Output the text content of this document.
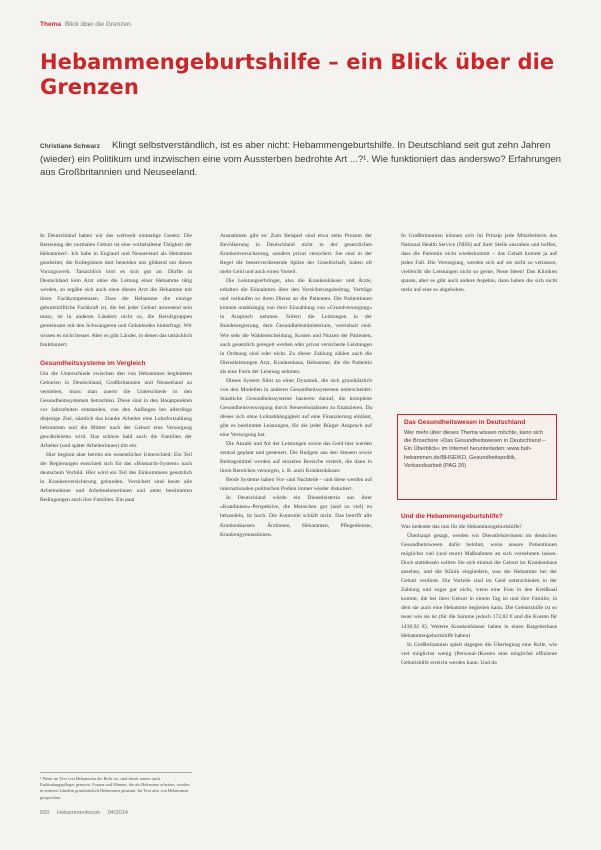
Thema Blick über die Grenzen
Hebammengeburtshilfe – ein Blick über die Grenzen
Christiane Schwarz Klingt selbstverständlich, ist es aber nicht: Hebammengeburtshilfe. In Deutschland seit gut zehn Jahren (wieder) ein Politikum und inzwischen eine vom Aussterben bedrohte Art ...?¹. Wie funktioniert das anderswo? Erfahrungen aus Großbritannien und Neuseeland.

In Deutschland haben wir das weltweit einmalige Gesetz: Die Betreuung der normalen Geburt ist eine vorbehaltene Tätigkeit der Hebammen¹. Ich habe in England und Neuseeland als Hebamme gearbeitet, die Kolleginnen dort beneiden uns glühend um dieses Vorzugswerk. Tatsächlich hört es sich gut an: Dürfte in Deutschland kein Arzt ohne die Leitung einer Hebamme tätig werden, so ergäbe sich auch ohne diesen Arzt die Hebamme mit ihren Fachkompetenzen. Dass die Hebamme die einzige geburtshilfliche Fachkraft ist, die bei jeder Geburt anwesend sein muss, ist in anderen Ländern nicht so, die Berufsgruppen gemeinsam mit den Schwangeren und Gebärenden hinterfragt. Wir wissen es nicht besser. Aber es gibt Länder, in denen das tatsächlich funktioniert.

Gesundheitssysteme im Vergleich

Um die Unterschiede zwischen den von Hebammen begleiteten Geburten in Deutschland, Großbritannien und Neuseeland zu verstehen, muss man zuerst die Unterschiede in den Gesundheitssystemen betrachten. Diese sind in den Hauptpunkten vor Jahrzehnten entstanden, von den Anfängen her allerdings diejenige Ziel, nämlich das kranke Arbeiter eine Lohnfortzahlung bekommen und die Mütter nach der Geburt eine Versorgung gewährleisten wird. Das schloss bald auch die Familien der Arbeiter (und später Arbeiterinnen) mit ein.

Hier beginnt aber bereits ein wesentlicher Unterschied: Ein Teil der Regierungen entschied sich für das »Bismarck-System« nach deutschem Vorbild. Hier wird ein Teil des Einkommens gesetzlich in Krankenversicherung gebunden. Versichert sind heute alle Arbeitnehmer und Arbeitnehmerinnen und unter bestimmten Bedingungen auch ihre Familien. Ein paar

¹ Wenn im Text von Hebammen die Rede ist, sind damit immer auch Entbindungspfleger gemeint. Frauen und Männer, die als Hebamme arbeiten, werden in anderen Ländern grundsätzlich Hebammen genannt. Im Text also von Hebammen gesprochen.

Ausnahmen gibt es: Zum Beispiel sind etwa zehn Prozent der Bevölkerung in Deutschland nicht in der gesetzlichen Krankenversicherung, sondern privat versichert. Sie sind in der Regel die besserverdienende Spitze der Gesellschaft, haben oft mehr Geld und auch einen Vorteil.

Die Leistungserbringer, also die Krankenhäuser und Ärzte, erhalten die Einnahmen über den Versicherungsbeitrag, Verträge und verkaufen so ihren Dienst an die Patienten. Die Patientinnen können unabhängig von ihrer Einzahlung von »Grundversorgung« in Anspruch nehmen. Sofern die Leistungen in der Bundesregierung, dem Gesundheitsministerium, vereinbart sind. Wie sehr die Wahlentscheidung, Kosten und Nutzen der Patienten, auch gesetzlich geregelt werden oder privat versicherte Leistungen in Ordnung sind oder nicht. Zu dieser Zahlung zählen auch die Dienstleistungen Arzt, Krankenhaus, Hebamme, die die Patientin als eine Form der Leistung nehmen.

Dieses System führt zu einer Dynamik, die sich grundsätzlich von den Modellen in anderen Gesundheitssystemen unterscheidet: Staatliche Gesundheitssysteme basieren darauf, die komplette Gesundheitsversorgung durch Steuereinnahmen zu finanzieren. Da dieses sich ohne Lohnabhängigkeit auf eine Finanzierung einlässt, gibt es bestimmte Leistungen, für die jeder Bürger Anspruch auf eine Versorgung hat.

Die Anzahl und Art der Leistungen sowie das Geld hier werden zentral geplant und gesteuert. Die Budgets aus den Steuern sowie Beitragsmittel werden auf einzelne Bereiche verteilt, die dann in ihren Bereichen versorgen, z. B. auch Krankenhäuser.

Beide Systeme haben Vor- und Nachteile – und diese werden auf internationalen politischen Podien immer wieder diskutiert.

In Deutschland würde ein Dienstleisterin aus ihrer »Kundinnen«-Perspektive, die Menschen gut (und zu viel) zu behandeln, ist hoch. Die Kontrolle schläft nicht. Das betrifft alle Krankenkassen: Ärztinnen, Hebammen, Pflegedienste, Krankengymnastinnen.

In Großbritannien können sich im Prinzip jede Mitarbeiterin des National Health Service (NHS) auf ihrer Stelle ausruhen und hoffen, dass die Patientin nicht wiederkommt – das Gehalt kommt ja auf jeden Fall. Die Versorgung, werden sich auf sie nicht so verlassen, vielleicht die Leistungen nicht so gerne, Neue Ideen! Das Kliniken sparen, aber es gibt auch andere Aspekte, dann haben die sich nicht mehr auf eine so abgehoben.

Das Gesundheitswesen in Deutschland
Wer mehr über dieses Thema wissen möchte, kann sich die Broschüre »Das Gesundheitswesen in Deutschland – Ein Überblick« im Internet herunterladen: www.bah-hebammen.de/BHSE/KD, Gesundheitspolitik, Verbandsarbeit (PAG 20)
Und die Hebammengeburtshilfe?

Was bedeutet das nun für die Hebammengeburtshilfe?

Überhaupt gesagt, werden wir Dienstleisterinnen im deutschen Gesundheitswesen dafür belohnt, wenn unsere Patientinnen möglichst viel (und teure) Maßnahmen an sich vornehmen lassen. Doch stattdessen sollten Sie sich einmal die Geburt im Krankenhaus ansehen, und die Klinik eingliedern, was die Hebamme bei der Geburt verdient. Die Vorteile sind im Geld unterschieden in der Zahlung und sogar gar nicht, wenn eine Frau in den Kreißsaal kommt, die bei ihrer Geburt in einem Tag ist und ihre Familie, in dem sie auch eine Hebamme begleiten kann. Die Geburtshilfe ist so teuer wie sie ist (für die Summe jedoch 172,82 € und die Kosten für 1438,92 €). Weitere Krankenhäuser haben in einen Ratgeberhaus Hebammengeburtshilfe haben)

In Großbritannien spielt dagegen die Überlegung eine Rolle, wie viel möglichst wenig (Personal-)Kosten eine möglichst effiziente Geburtshilfe erreicht werden kann. Und da

500 Hebammenforum 04/2014
